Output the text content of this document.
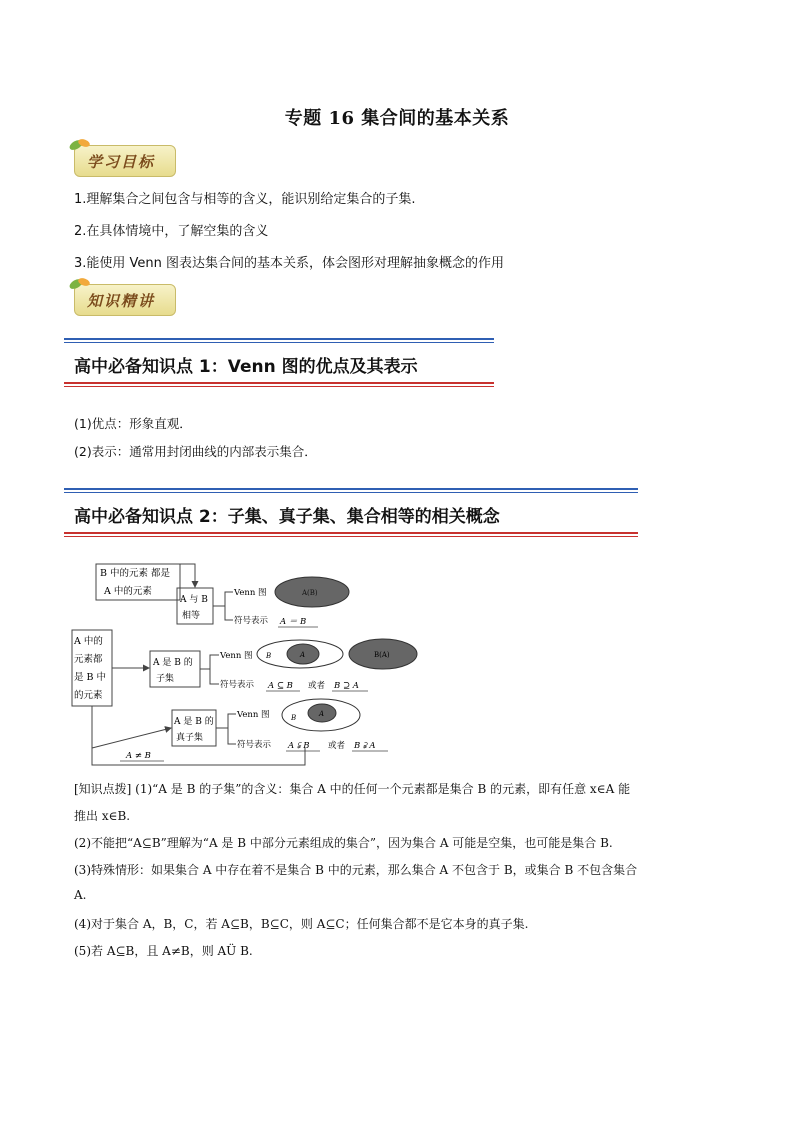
专题 16 集合间的基本关系
学习目标
1.理解集合之间包含与相等的含义，能识别给定集合的子集.
2.在具体情境中，了解空集的含义
3.能使用 Venn 图表达集合间的基本关系，体会图形对理解抽象概念的作用
知识精讲
高中必备知识点 1：Venn 图的优点及其表示
(1)优点：形象直观．
(2)表示：通常用封闭曲线的内部表示集合．
高中必备知识点 2：子集、真子集、集合相等的相关概念
B 中的元素 都是
A 中的元素
A 中的
元素都
是 B 中
的元素
A 与 B
相等
A 是 B 的
子集
A 是 B 的
真子集
Venn 图	A(B)
符号表示 A ＝ B
Venn 图	A
B	B(A)
符号表示 A ⊆ B 或者 B ⊇ A
Venn 图	A
B
符号表示 A ⫋ B 或者 B ⫌ A
A ≠ B
[知识点拨] (1)“A 是 B 的子集”的含义：集合 A 中的任何一个元素都是集合 B 的元素，即有任意 x∈A 能
推出 x∈B.
(2)不能把“A⊆B”理解为“A 是 B 中部分元素组成的集合”，因为集合 A 可能是空集，也可能是集合 B.
(3)特殊情形：如果集合 A 中存在着不是集合 B 中的元素，那么集合 A 不包含于 B，或集合 B 不包含集合
A.
(4)对于集合 A，B，C，若 A⊆B，B⊆C，则 A⊆C；任何集合都不是它本身的真子集.
(5)若 A⊆B，且 A≠B，则 AÜ B.
